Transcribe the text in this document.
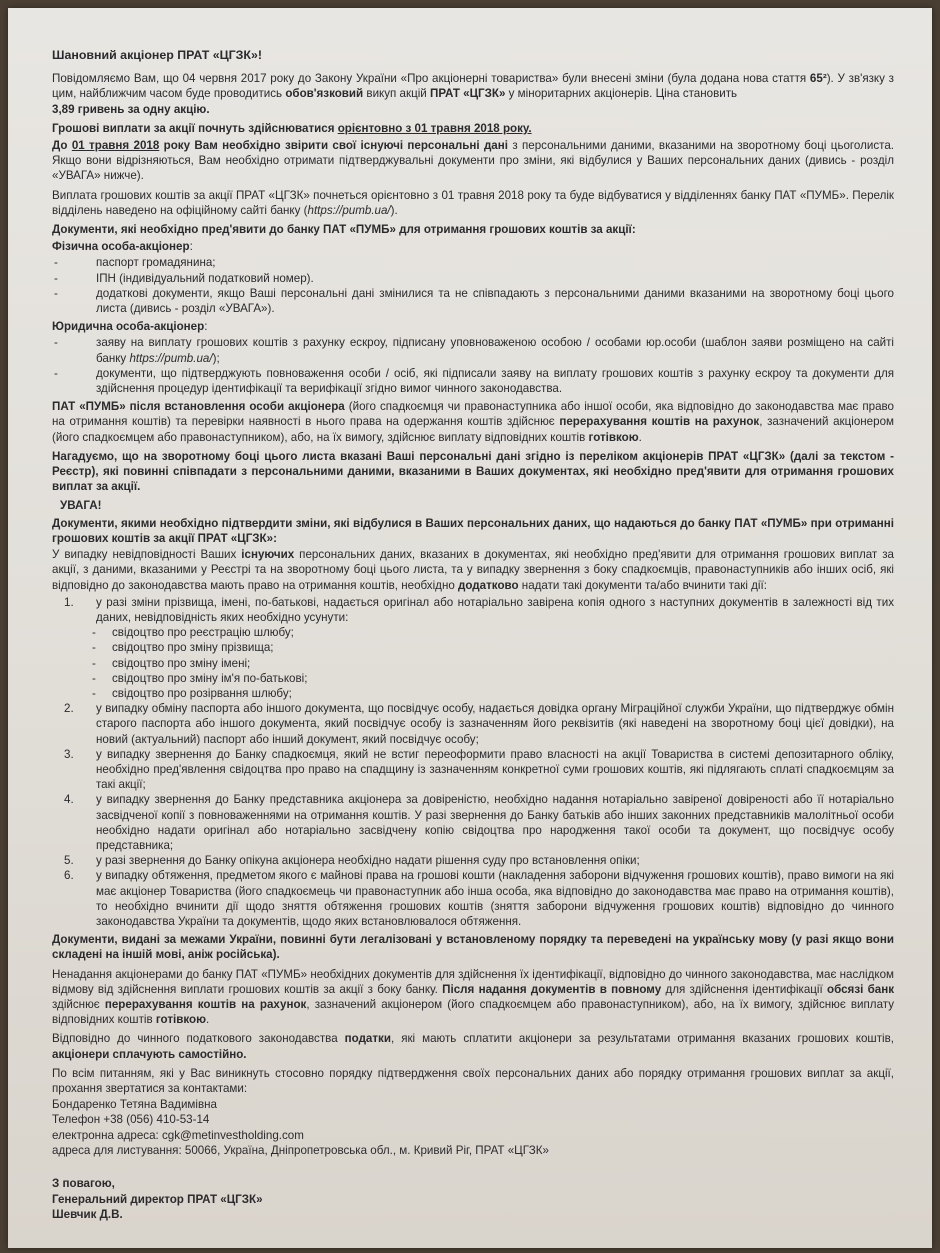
Шановний акціонер ПРАТ «ЦГЗК»!

Повідомляємо Вам, що 04 червня 2017 року до Закону України «Про акціонерні товариства» були внесені зміни (була додана нова стаття 65²). У зв'язку з цим, найближчим часом буде проводитись обов'язковий викуп акцій ПРАТ «ЦГЗК» у міноритарних акціонерів. Ціна становить
3,89 гривень за одну акцію.

Грошові виплати за акції почнуть здійснюватися орієнтовно з 01 травня 2018 року.

До 01 травня 2018 року Вам необхідно звірити свої існуючі персональні дані з персональними даними, вказаними на зворотному боці цьоголиста. Якщо вони відрізняються, Вам необхідно отримати підтверджувальні документи про зміни, які відбулися у Ваших персональних даних (дивись - розділ «УВАГА» нижче).

Виплата грошових коштів за акції ПРАТ «ЦГЗК» почнеться орієнтовно з 01 травня 2018 року та буде відбуватися у відділеннях банку ПАТ «ПУМБ». Перелік відділень наведено на офіційному сайті банку (https://pumb.ua/).

Документи, які необхідно пред'явити до банку ПАТ «ПУМБ» для отримання грошових коштів за акції:
Фізична особа-акціонер:
- паспорт громадянина;
- ІПН (індивідуальний податковий номер).
- додаткові документи, якщо Ваші персональні дані змінилися та не співпадають з персональними даними вказаними на зворотному боці цього листа (дивись - розділ «УВАГА»).
Юридична особа-акціонер:
- заяву на виплату грошових коштів з рахунку ескроу, підписану уповноваженою особою / особами юр.особи (шаблон заяви розміщено на сайті банку https://pumb.ua/);
- документи, що підтверджують повноваження особи / осіб, які підписали заяву на виплату грошових коштів з рахунку ескроу та документи для здійснення процедур ідентифікації та верифікації згідно вимог чинного законодавства.

ПАТ «ПУМБ» після встановлення особи акціонера (його спадкоємця чи правонаступника або іншої особи, яка відповідно до законодавства має право на отримання коштів) та перевірки наявності в нього права на одержання коштів здійснює перерахування коштів на рахунок, зазначений акціонером (його спадкоємцем або правонаступником), або, на їх вимогу, здійснює виплату відповідних коштів готівкою.

Нагадуємо, що на зворотному боці цього листа вказані Ваші персональні дані згідно із переліком акціонерів ПРАТ «ЦГЗК» (далі за текстом - Реєстр), які повинні співпадати з персональними даними, вказаними в Ваших документах, які необхідно пред'явити для отримання грошових виплат за акції.

УВАГА!
Документи, якими необхідно підтвердити зміни, які відбулися в Ваших персональних даних, що надаються до банку ПАТ «ПУМБ» при отриманні грошових коштів за акції ПРАТ «ЦГЗК»:

У випадку невідповідності Ваших існуючих персональних даних, вказаних в документах, які необхідно пред'явити для отримання грошових виплат за акції, з даними, вказаними у Реєстрі та на зворотному боці цього листа, та у випадку звернення з боку спадкоємців, правонаступників або інших осіб, які відповідно до законодавства мають право на отримання коштів, необхідно додатково надати такі документи та/або вчинити такі дії:

1. у разі зміни прізвища, імені, по-батькові, надається оригінал або нотаріально завірена копія одного з наступних документів в залежності від тих даних, невідповідність яких необхідно усунути:
- свідоцтво про реєстрацію шлюбу;
- свідоцтво про зміну прізвища;
- свідоцтво про зміну імені;
- свідоцтво про зміну ім'я по-батькові;
- свідоцтво про розірвання шлюбу;
2. у випадку обміну паспорта або іншого документа, що посвідчує особу, надається довідка органу Міграційної служби України, що підтверджує обмін старого паспорта або іншого документа, який посвідчує особу із зазначенням його реквізитів (які наведені на зворотному боці цієї довідки), на новий (актуальний) паспорт або інший документ, який посвідчує особу;
3. у випадку звернення до Банку спадкоємця, який не встиг переоформити право власності на акції Товариства в системі депозитарного обліку, необхідно пред'явлення свідоцтва про право на спадщину із зазначенням конкретної суми грошових коштів, які підлягають сплаті спадкоємцям за такі акції;
4. у випадку звернення до Банку представника акціонера за довіреністю, необхідно надання нотаріально завіреної довіреності або її нотаріально засвідченої копії з повноваженнями на отримання коштів. У разі звернення до Банку батьків або інших законних представників малолітньої особи необхідно надати оригінал або нотаріально засвідчену копію свідоцтва про народження такої особи та документ, що посвідчує особу представника;
5. у разі звернення до Банку опікуна акціонера необхідно надати рішення суду про встановлення опіки;
6. у випадку обтяження, предметом якого є майнові права на грошові кошти (накладення заборони відчуження грошових коштів), право вимоги на які має акціонер Товариства (його спадкоємець чи правонаступник або інша особа, яка відповідно до законодавства має право на отримання коштів), то необхідно вчинити дії щодо зняття обтяження грошових коштів (зняття заборони відчуження грошових коштів) відповідно до чинного законодавства України та документів, щодо яких встановлювалося обтяження.

Документи, видані за межами України, повинні бути легалізовані у встановленому порядку та переведені на українську мову (у разі якщо вони складені на іншій мові, аніж російська).

Ненадання акціонерами до банку ПАТ «ПУМБ» необхідних документів для здійснення їх ідентифікації, відповідно до чинного законодавства, має наслідком відмову від здійснення виплати грошових коштів за акції з боку банку. Після надання документів в повному для здійснення ідентифікації обсязі банк здійснює перерахування коштів на рахунок, зазначений акціонером (його спадкоємцем або правонаступником), або, на їх вимогу, здійснює виплату відповідних коштів готівкою.

Відповідно до чинного податкового законодавства податки, які мають сплатити акціонери за результатами отримання вказаних грошових коштів, акціонери сплачують самостійно.

По всім питанням, які у Вас виникнуть стосовно порядку підтвердження своїх персональних даних або порядку отримання грошових виплат за акції, прохання звертатися за контактами:

Бондаренко Тетяна Вадимівна
Телефон +38 (056) 410-53-14
електронна адреса: cgk@metinvestholding.com
адреса для листування: 50066, Україна, Дніпропетровська обл., м. Кривий Ріг, ПРАТ «ЦГЗК»
З повагою,
Генеральний директор ПРАТ «ЦГЗК»
Шевчик Д.В.
